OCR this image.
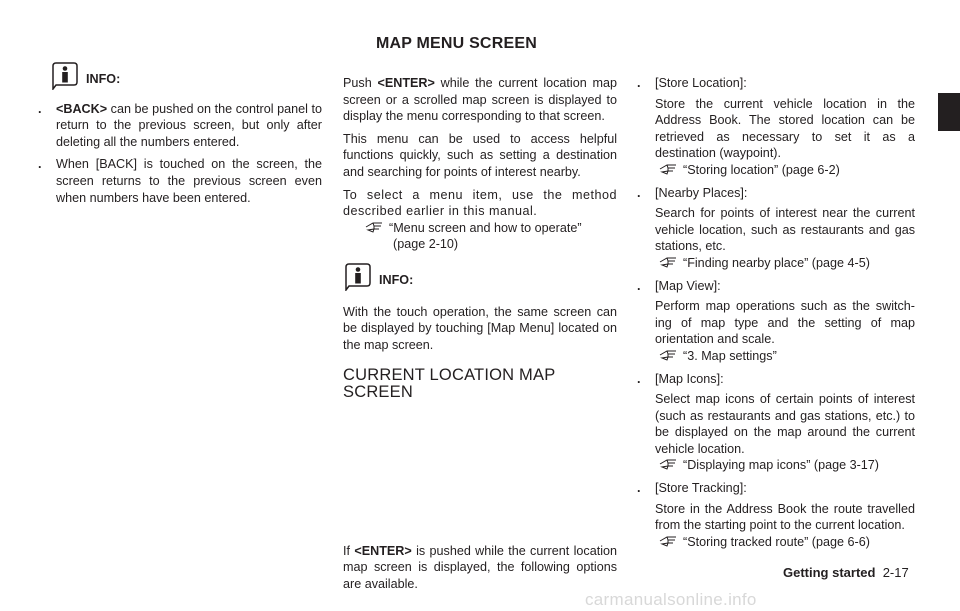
MAP MENU SCREEN
INFO:
. <BACK> can be pushed on the control panel to return to the previous screen, but only after deleting all the numbers entered.

. When [BACK] is touched on the screen, the screen returns to the previous screen even when numbers have been entered.

Push <ENTER> while the current location map screen or a scrolled map screen is displayed to display the menu corresponding to that screen.

This menu can be used to access helpful functions quickly, such as setting a destination and searching for points of interest nearby.

To select a menu item, use the method described earlier in this manual.

“Menu screen and how to operate”
(page 2-10)
INFO:

With the touch operation, the same screen can be displayed by touching [Map Menu] located on the map screen.

CURRENT LOCATION MAP SCREEN

If <ENTER> is pushed while the current location map screen is displayed, the following options are available.

. [Store Location]:

Store the current vehicle location in the Address Book. The stored location can be retrieved as necessary to set it as a destination (waypoint).

“Storing location” (page 6-2)
. [Nearby Places]:

Search for points of interest near the current vehicle location, such as restaurants and gas stations, etc.

“Finding nearby place” (page 4-5)
. [Map View]:

Perform map operations such as the switch- ing of map type and the setting of map orientation and scale.

“3. Map settings”
. [Map Icons]:

Select map icons of certain points of interest (such as restaurants and gas stations, etc.) to be displayed on the map around the current vehicle location.

“Displaying map icons” (page 3-17)
. [Store Tracking]:

Store in the Address Book the route travelled from the starting point to the current location.

“Storing tracked route” (page 6-6)
Getting started 2-17
carmanualsonline.info
